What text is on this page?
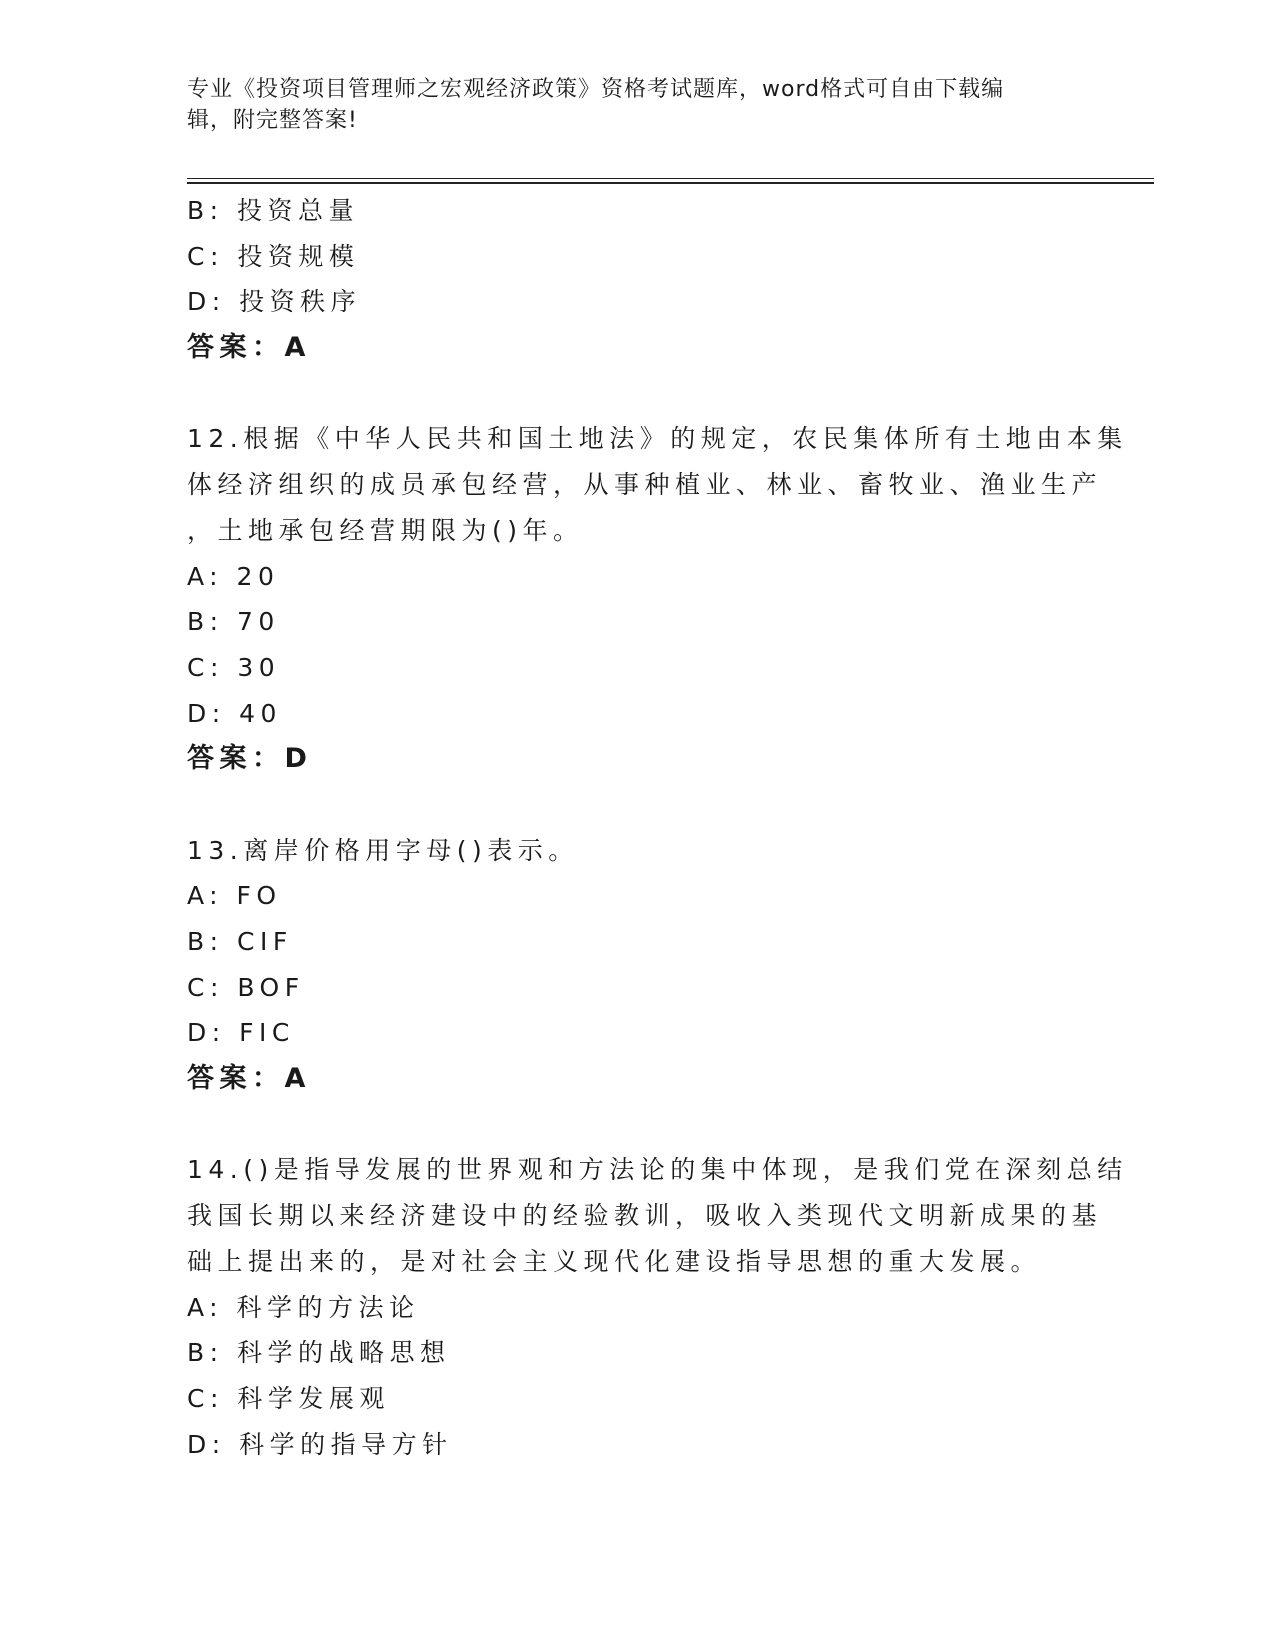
专业《投资项目管理师之宏观经济政策》资格考试题库，word格式可自由下载编
辑，附完整答案!
B: 投资总量
C: 投资规模
D: 投资秩序
答案：A
12.根据《中华人民共和国土地法》的规定，农民集体所有土地由本集
体经济组织的成员承包经营，从事种植业、林业、畜牧业、渔业生产
，土地承包经营期限为()年。
A: 20
B: 70
C: 30
D: 40
答案：D
13.离岸价格用字母()表示。
A: FO
B: CIF
C: BOF
D: FIC
答案：A
14.()是指导发展的世界观和方法论的集中体现，是我们党在深刻总结
我国长期以来经济建设中的经验教训，吸收入类现代文明新成果的基
础上提出来的，是对社会主义现代化建设指导思想的重大发展。
A: 科学的方法论
B: 科学的战略思想
C: 科学发展观
D: 科学的指导方针
